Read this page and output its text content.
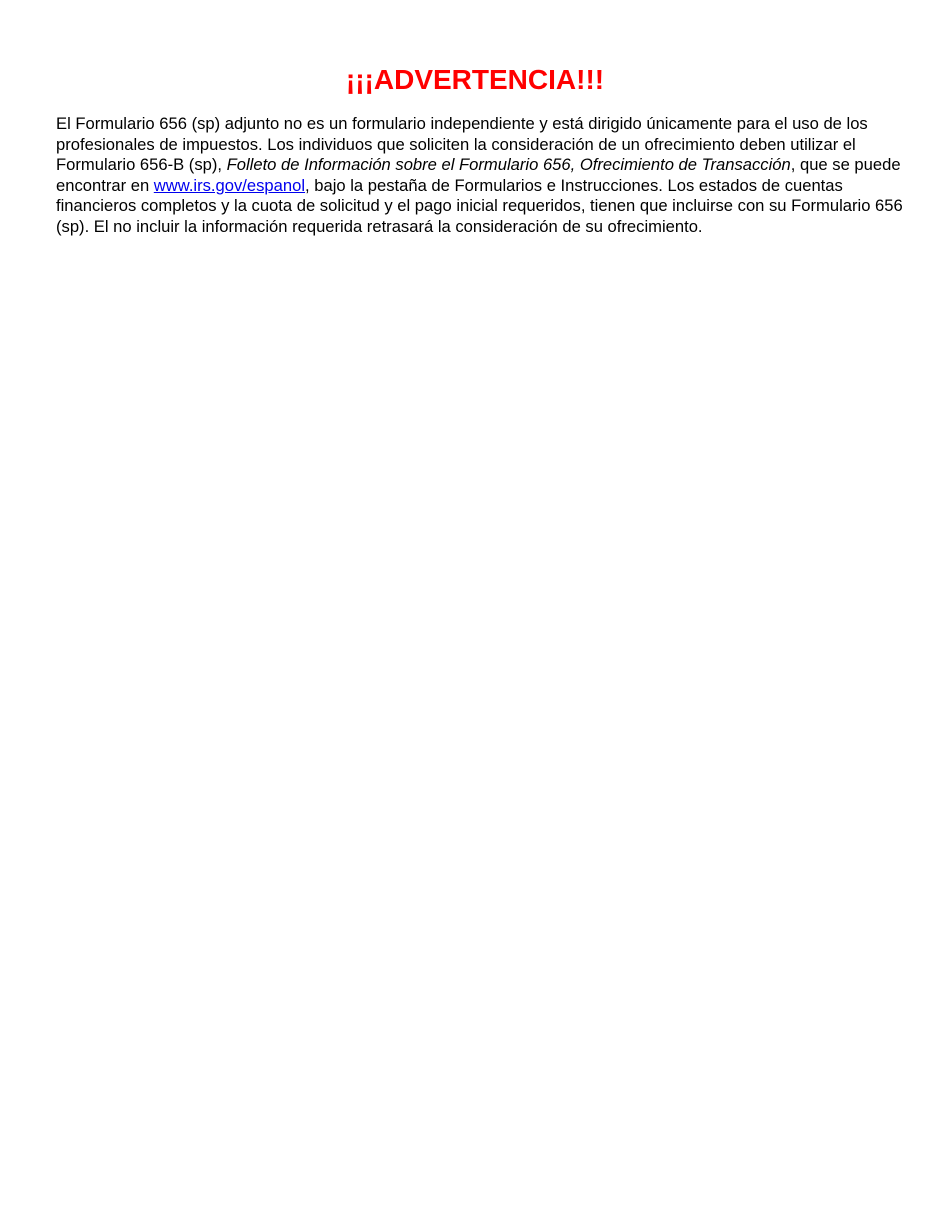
¡¡¡ADVERTENCIA!!!

El Formulario 656 (sp) adjunto no es un formulario independiente y está dirigido únicamente para el uso de los profesionales de impuestos. Los individuos que soliciten la consideración de un ofrecimiento deben utilizar el Formulario 656-B (sp), Folleto de Información sobre el Formulario 656, Ofrecimiento de Transacción, que se puede encontrar en www.irs.gov/espanol, bajo la pestaña de Formularios e Instrucciones. Los estados de cuentas financieros completos y la cuota de solicitud y el pago inicial requeridos, tienen que incluirse con su Formulario 656 (sp). El no incluir la información requerida retrasará la consideración de su ofrecimiento.
